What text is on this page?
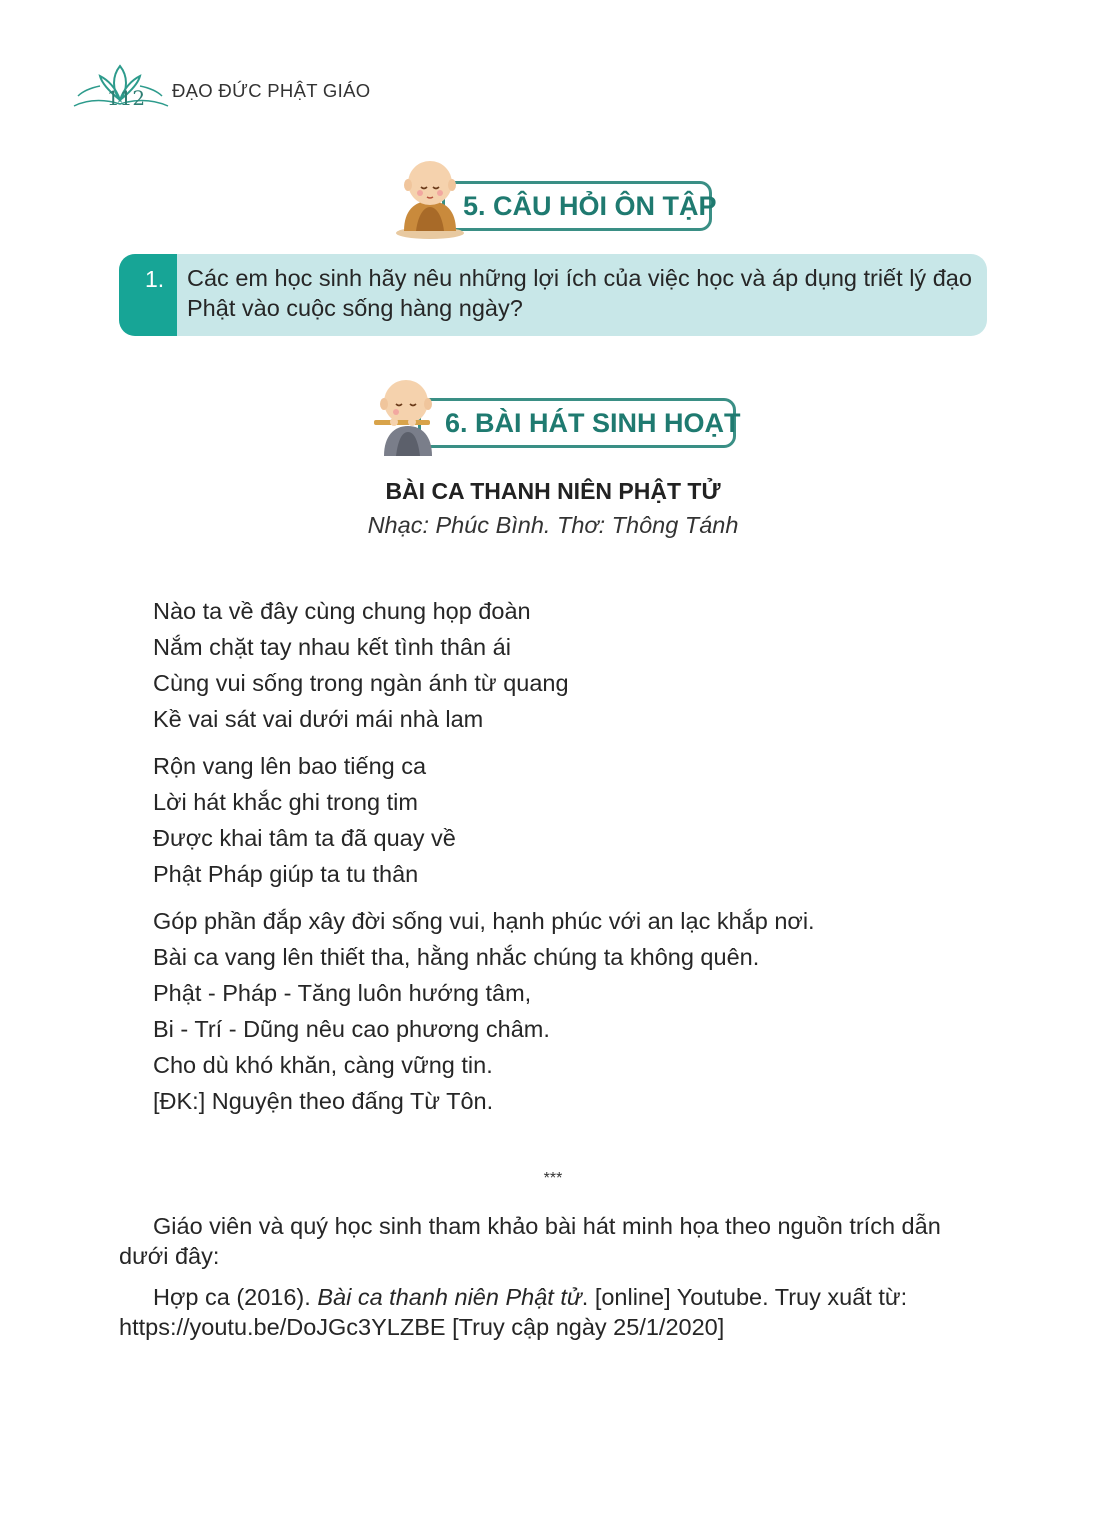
112	ĐẠO ĐỨC PHẬT GIÁO
5. CÂU HỎI ÔN TẬP
1. Các em học sinh hãy nêu những lợi ích của việc học và áp dụng triết lý đạo Phật vào cuộc sống hàng ngày?
6. BÀI HÁT SINH HOẠT
BÀI CA THANH NIÊN PHẬT TỬ
Nhạc: Phúc Bình. Thơ: Thông Tánh
Nào ta về đây cùng chung họp đoàn
Nắm chặt tay nhau kết tình thân ái
Cùng vui sống trong ngàn ánh từ quang
Kề vai sát vai dưới mái nhà lam
Rộn vang lên bao tiếng ca
Lời hát khắc ghi trong tim
Được khai tâm ta đã quay về
Phật Pháp giúp ta tu thân
Góp phần đắp xây đời sống vui, hạnh phúc với an lạc khắp nơi.
Bài ca vang lên thiết tha, hằng nhắc chúng ta không quên.
Phật - Pháp - Tăng luôn hướng tâm,
Bi - Trí - Dũng nêu cao phương châm.
Cho dù khó khăn, càng vững tin.
[ĐK:] Nguyện theo đấng Từ Tôn.
***
Giáo viên và quý học sinh tham khảo bài hát minh họa theo nguồn trích dẫn dưới đây:
Hợp ca (2016). Bài ca thanh niên Phật tử. [online] Youtube. Truy xuất từ: https://youtu.be/DoJGc3YLZBE [Truy cập ngày 25/1/2020]
